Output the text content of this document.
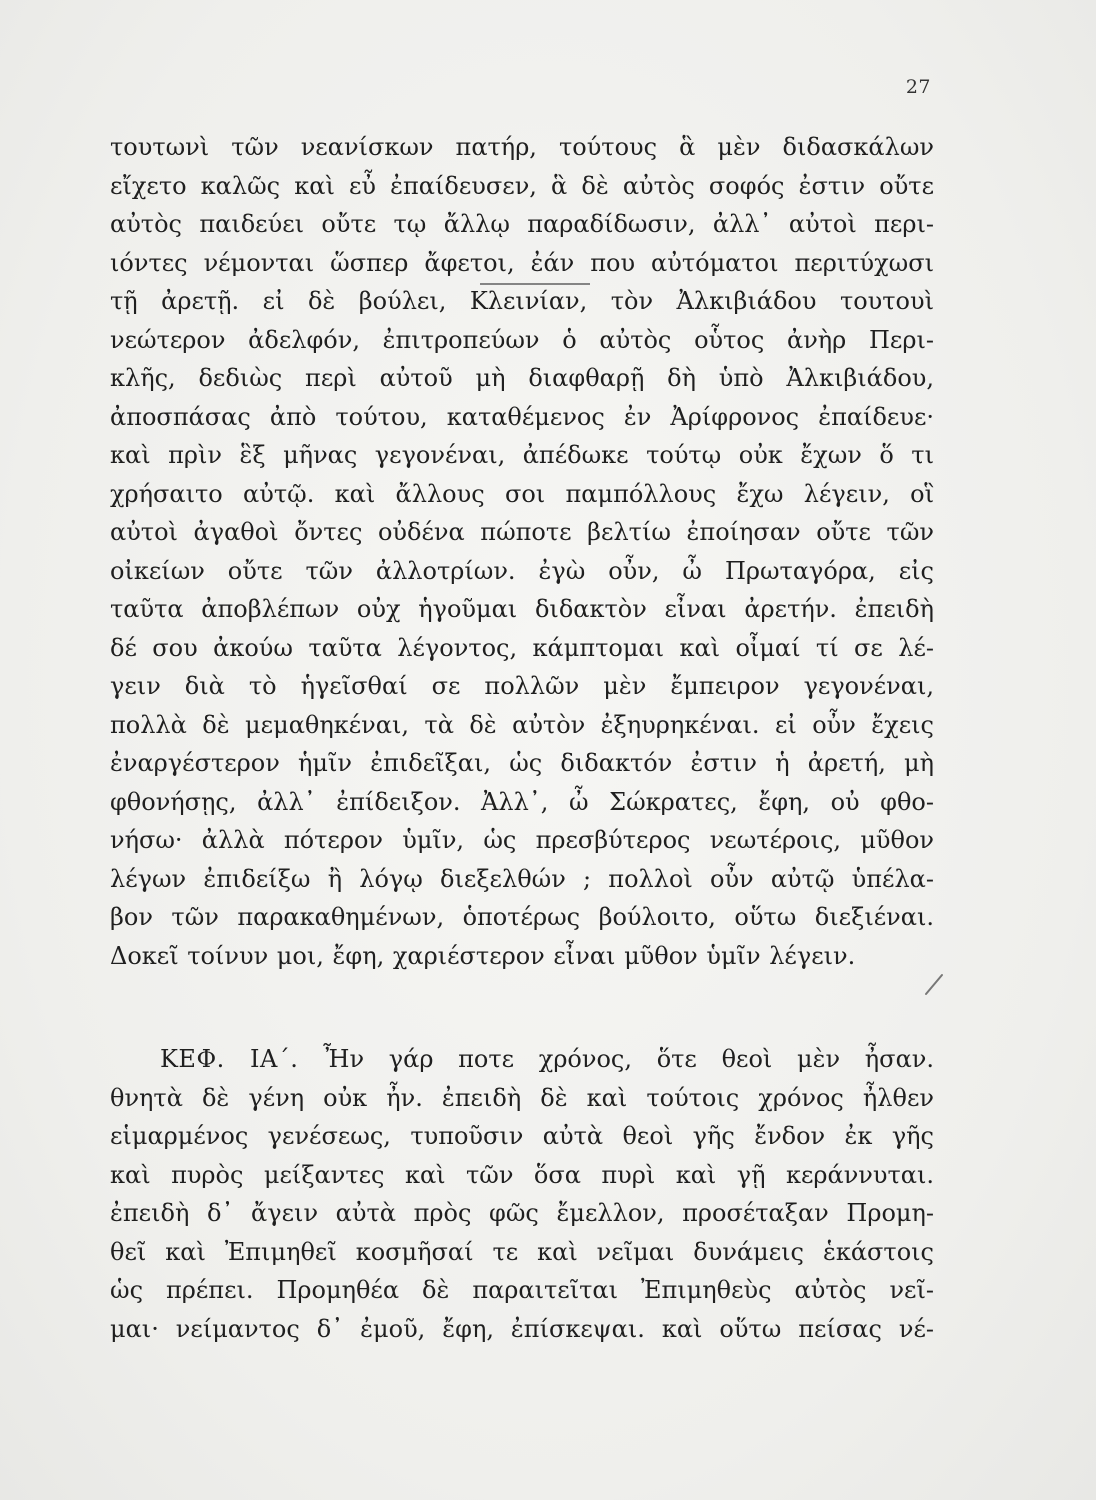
27
τουτωνὶ τῶν νεανίσκων πατήρ, τούτους ἃ μὲν διδασκάλων
εἴχετο καλῶς καὶ εὖ ἐπαίδευσεν, ἃ δὲ αὐτὸς σοφός ἐστιν οὔτε
αὐτὸς παιδεύει οὔτε τῳ ἄλλῳ παραδίδωσιν, ἀλλ᾽ αὐτοὶ περι-
ιόντες νέμονται ὥσπερ ἄφετοι, ἐάν που αὐτόματοι περιτύχωσι
τῇ ἀρετῇ. εἰ δὲ βούλει, Κλεινίαν, τὸν Ἀλκιβιάδου τουτουὶ
νεώτερον ἀδελφόν, ἐπιτροπεύων ὁ αὐτὸς οὗτος ἀνὴρ Περι-
κλῆς, δεδιὼς περὶ αὐτοῦ μὴ διαφθαρῇ δὴ ὑπὸ Ἀλκιβιάδου,
ἀποσπάσας ἀπὸ τούτου, καταθέμενος ἐν Ἀρίφρονος ἐπαίδευε·
καὶ πρὶν ἓξ μῆνας γεγονέναι, ἀπέδωκε τούτῳ οὐκ ἔχων ὅ τι
χρήσαιτο αὐτῷ. καὶ ἄλλους σοι παμπόλλους ἔχω λέγειν, οἳ
αὐτοὶ ἀγαθοὶ ὄντες οὐδένα πώποτε βελτίω ἐποίησαν οὔτε τῶν
οἰκείων οὔτε τῶν ἀλλοτρίων. ἐγὼ οὖν, ὦ Πρωταγόρα, εἰς
ταῦτα ἀποβλέπων οὐχ ἡγοῦμαι διδακτὸν εἶναι ἀρετήν. ἐπειδὴ
δέ σου ἀκούω ταῦτα λέγοντος, κάμπτομαι καὶ οἶμαί τί σε λέ-
γειν διὰ τὸ ἡγεῖσθαί σε πολλῶν μὲν ἔμπειρον γεγονέναι,
πολλὰ δὲ μεμαθηκέναι, τὰ δὲ αὐτὸν ἐξηυρηκέναι. εἰ οὖν ἔχεις
ἐναργέστερον ἡμῖν ἐπιδεῖξαι, ὡς διδακτόν ἐστιν ἡ ἀρετή, μὴ
φθονήσῃς, ἀλλ᾽ ἐπίδειξον. Ἀλλ᾽, ὦ Σώκρατες, ἔφη, οὐ φθο-
νήσω· ἀλλὰ πότερον ὑμῖν, ὡς πρεσβύτερος νεωτέροις, μῦθον
λέγων ἐπιδείξω ἢ λόγῳ διεξελθών ; πολλοὶ οὖν αὐτῷ ὑπέλα-
βον τῶν παρακαθημένων, ὁποτέρως βούλοιτο, οὕτω διεξιέναι.
Δοκεῖ τοίνυν μοι, ἔφη, χαριέστερον εἶναι μῦθον ὑμῖν λέγειν.
ΚΕΦ. ΙΑ΄. Ἦν γάρ ποτε χρόνος, ὅτε θεοὶ μὲν ἦσαν.
θνητὰ δὲ γένη οὐκ ἦν. ἐπειδὴ δὲ καὶ τούτοις χρόνος ἦλθεν
εἱμαρμένος γενέσεως, τυποῦσιν αὐτὰ θεοὶ γῆς ἔνδον ἐκ γῆς
καὶ πυρὸς μείξαντες καὶ τῶν ὅσα πυρὶ καὶ γῇ κεράννυται.
ἐπειδὴ δ᾽ ἄγειν αὐτὰ πρὸς φῶς ἔμελλον, προσέταξαν Προμη-
θεῖ καὶ Ἐπιμηθεῖ κοσμῆσαί τε καὶ νεῖμαι δυνάμεις ἑκάστοις
ὡς πρέπει. Προμηθέα δὲ παραιτεῖται Ἐπιμηθεὺς αὐτὸς νεῖ-
μαι· νείμαντος δ᾽ ἐμοῦ, ἔφη, ἐπίσκεψαι. καὶ οὕτω πείσας νέ-
